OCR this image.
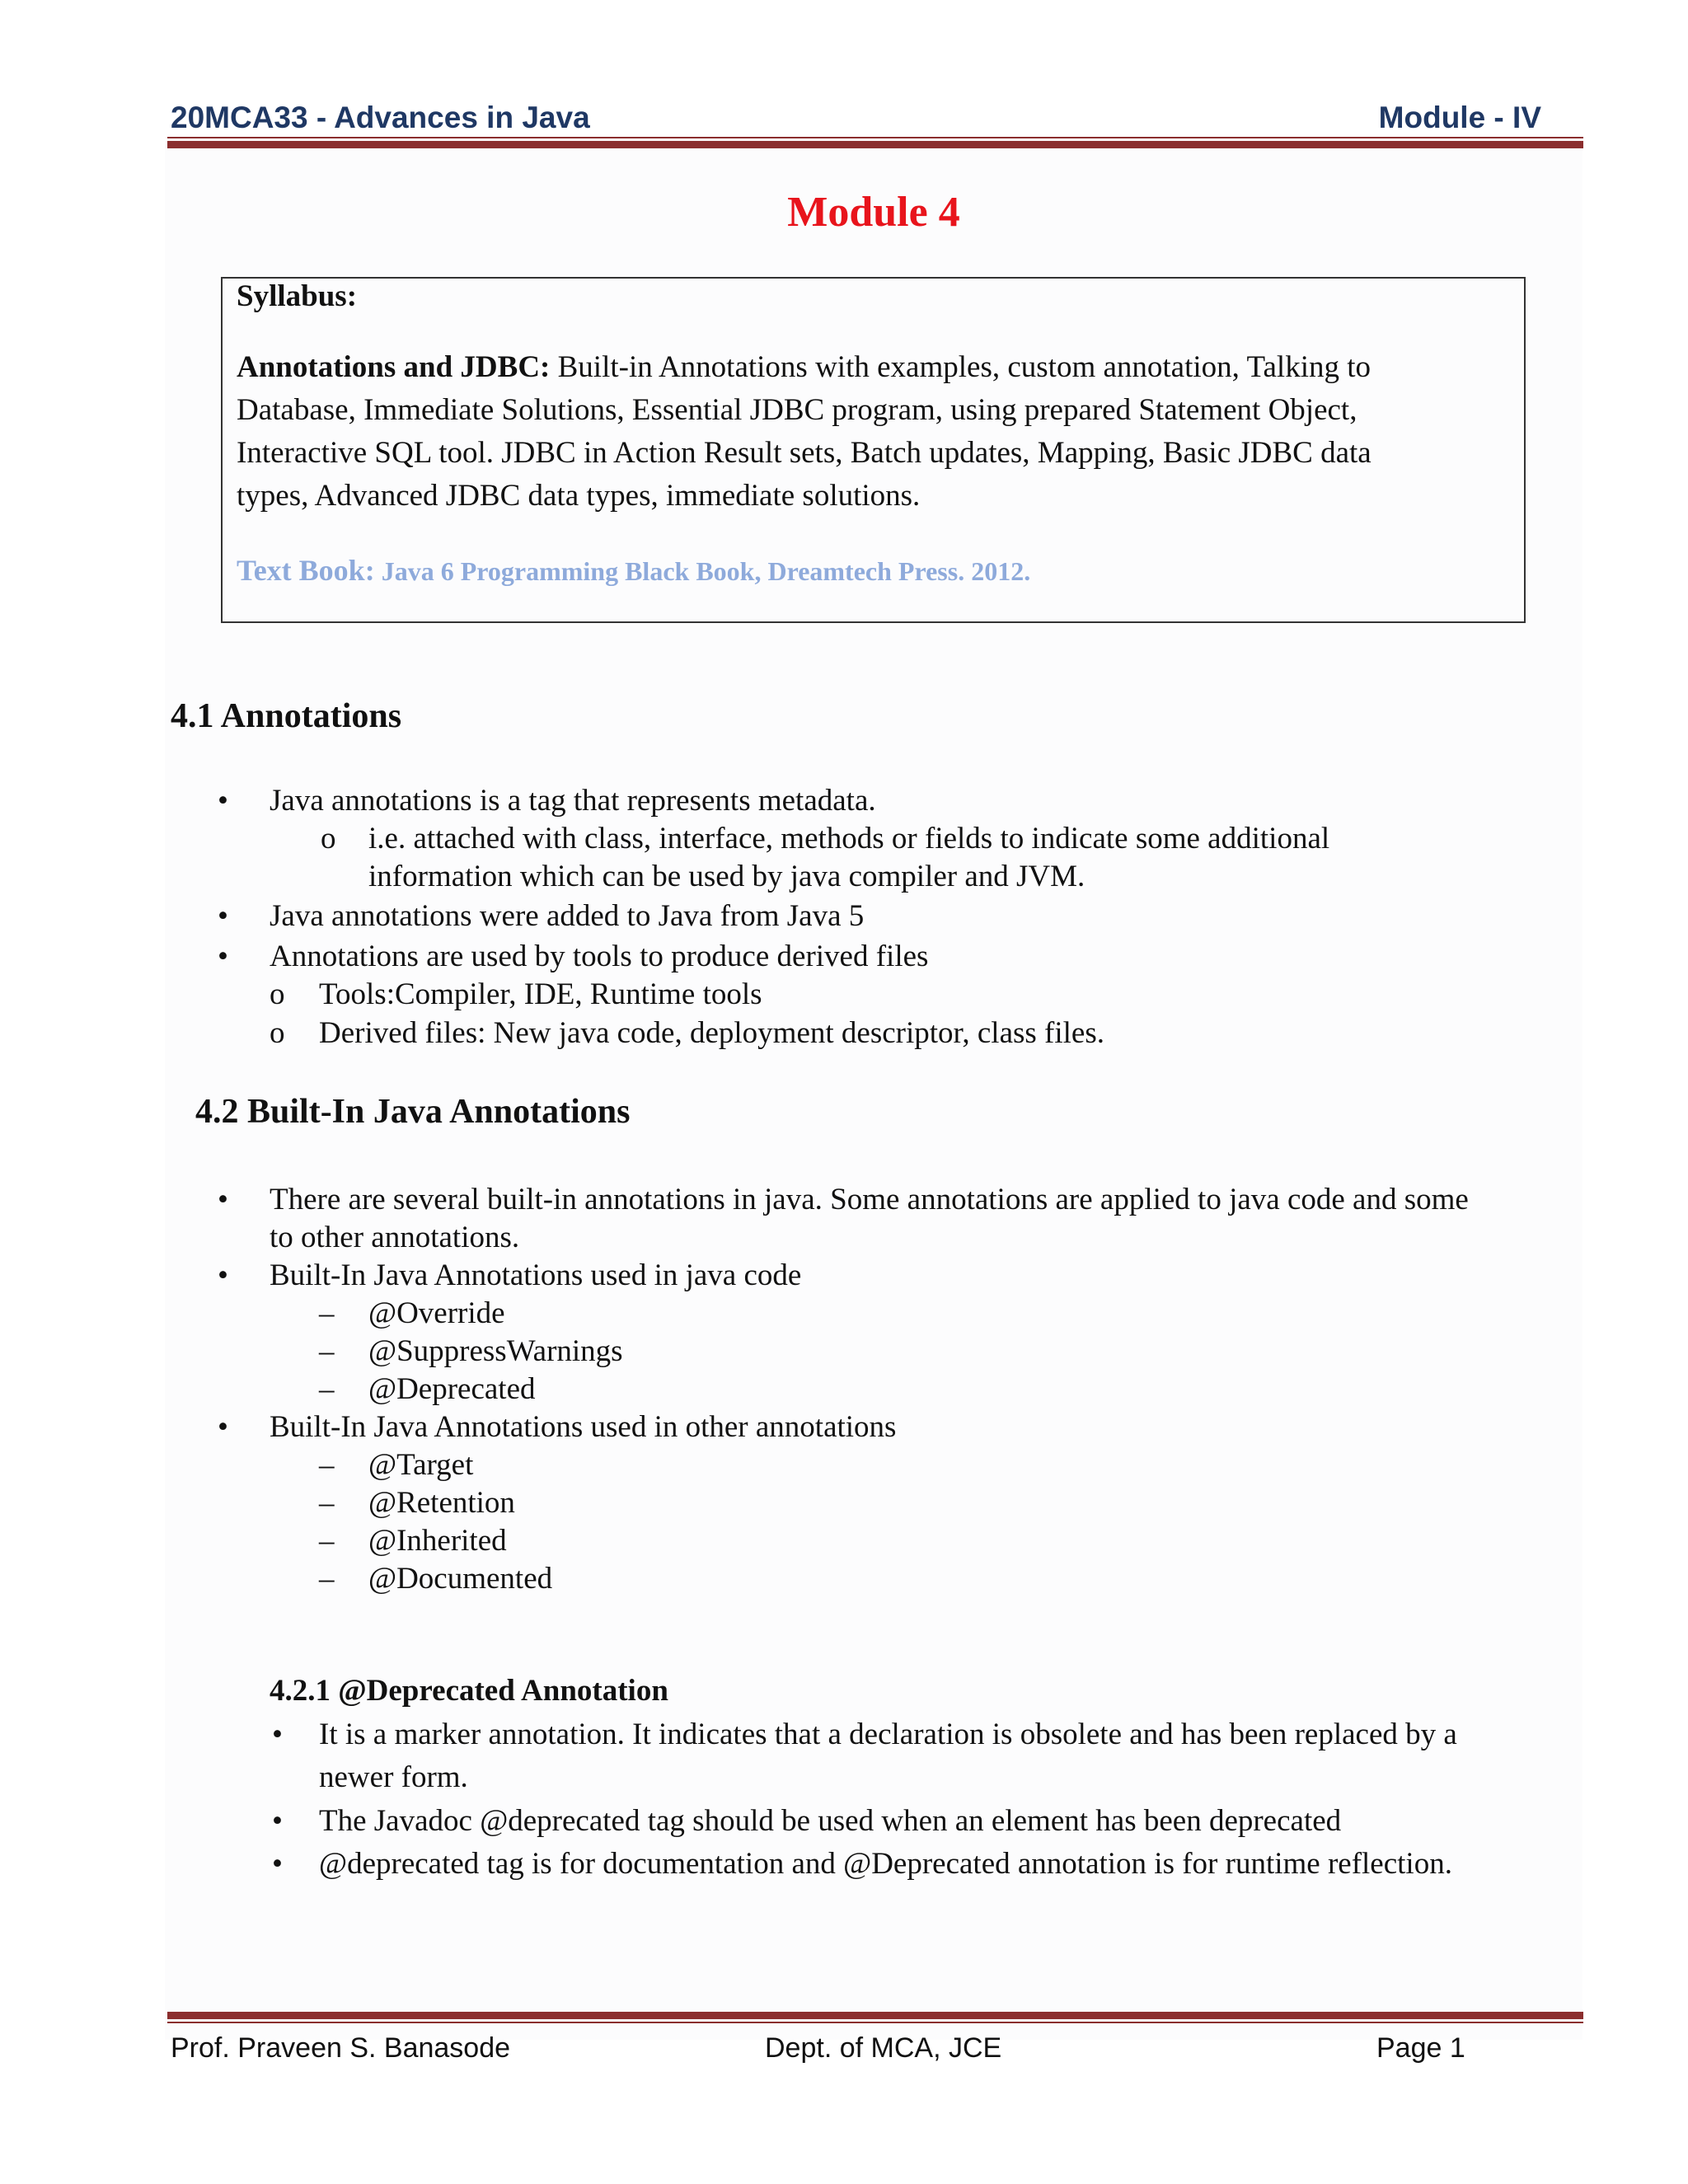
20MCA33 - Advances in Java	Module - IV
Module 4
Syllabus:
Annotations and JDBC: Built-in Annotations with examples, custom annotation, Talking to
Database, Immediate Solutions, Essential JDBC program, using prepared Statement Object,
Interactive SQL tool. JDBC in Action Result sets, Batch updates, Mapping, Basic JDBC data
types, Advanced JDBC data types, immediate solutions.
Text Book: Java 6 Programming Black Book, Dreamtech Press. 2012.
4.1 Annotations
• Java annotations is a tag that represents metadata.
o i.e. attached with class, interface, methods or fields to indicate some additional
information which can be used by java compiler and JVM.
• Java annotations were added to Java from Java 5
• Annotations are used by tools to produce derived files
o Tools:Compiler, IDE, Runtime tools
o Derived files: New java code, deployment descriptor, class files.
4.2 Built-In Java Annotations
• There are several built-in annotations in java. Some annotations are applied to java code and some
to other annotations.
• Built-In Java Annotations used in java code
– @Override
– @SuppressWarnings
– @Deprecated
• Built-In Java Annotations used in other annotations
– @Target
– @Retention
– @Inherited
– @Documented
4.2.1 @Deprecated Annotation
• It is a marker annotation. It indicates that a declaration is obsolete and has been replaced by a
newer form.
• The Javadoc @deprecated tag should be used when an element has been deprecated
• @deprecated tag is for documentation and @Deprecated annotation is for runtime reflection.
Prof. Praveen S. Banasode	Dept. of MCA, JCE	Page 1
